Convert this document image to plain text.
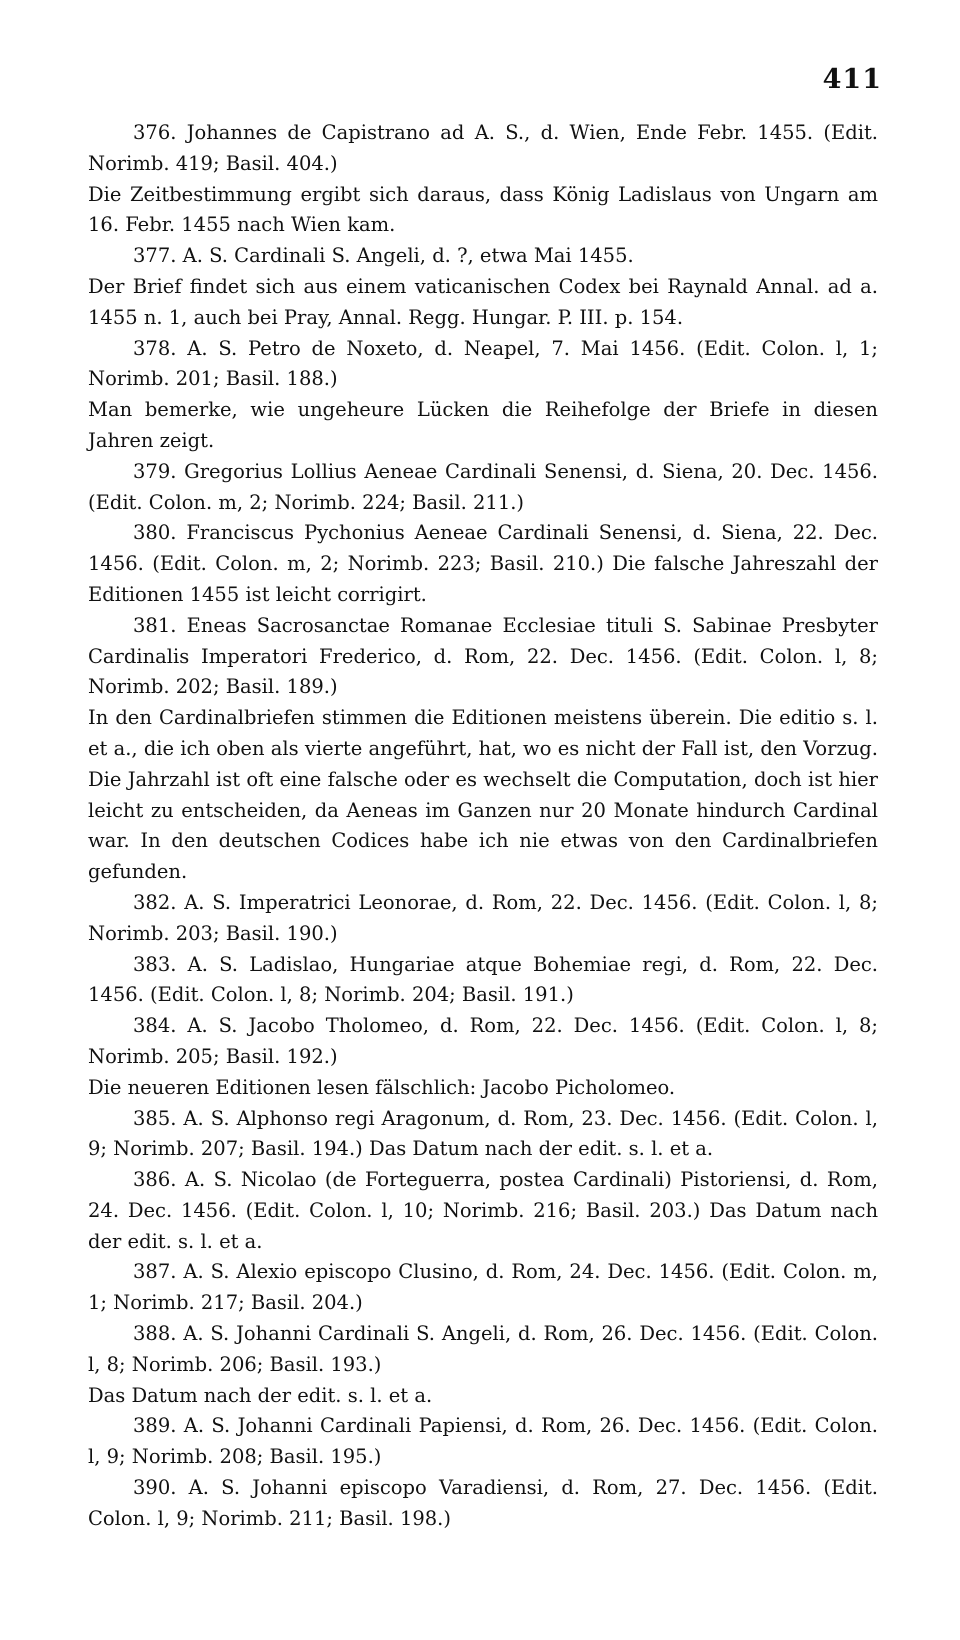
411

376. Johannes de Capistrano ad A. S., d. Wien, Ende Febr. 1455. (Edit. Norimb. 419; Basil. 404.)

Die Zeitbestimmung ergibt sich daraus, dass König Ladislaus von Ungarn am 16. Febr. 1455 nach Wien kam.

377. A. S. Cardinali S. Angeli, d. ?, etwa Mai 1455.

Der Brief findet sich aus einem vaticanischen Codex bei Raynald Annal. ad a. 1455 n. 1, auch bei Pray, Annal. Regg. Hungar. P. III. p. 154.

378. A. S. Petro de Noxeto, d. Neapel, 7. Mai 1456. (Edit. Colon. l, 1; Norimb. 201; Basil. 188.)

Man bemerke, wie ungeheure Lücken die Reihefolge der Briefe in diesen Jahren zeigt.

379. Gregorius Lollius Aeneae Cardinali Senensi, d. Siena, 20. Dec. 1456. (Edit. Colon. m, 2; Norimb. 224; Basil. 211.)

380. Franciscus Pychonius Aeneae Cardinali Senensi, d. Siena, 22. Dec. 1456. (Edit. Colon. m, 2; Norimb. 223; Basil. 210.) Die falsche Jahreszahl der Editionen 1455 ist leicht corrigirt.

381. Eneas Sacrosanctae Romanae Ecclesiae tituli S. Sabinae Presbyter Cardinalis Imperatori Frederico, d. Rom, 22. Dec. 1456. (Edit. Colon. l, 8; Norimb. 202; Basil. 189.)

In den Cardinalbriefen stimmen die Editionen meistens überein. Die editio s. l. et a., die ich oben als vierte angeführt, hat, wo es nicht der Fall ist, den Vorzug. Die Jahrzahl ist oft eine falsche oder es wechselt die Computation, doch ist hier leicht zu entscheiden, da Aeneas im Ganzen nur 20 Monate hindurch Cardinal war. In den deutschen Codices habe ich nie etwas von den Cardinalbriefen gefunden.

382. A. S. Imperatrici Leonorae, d. Rom, 22. Dec. 1456. (Edit. Colon. l, 8; Norimb. 203; Basil. 190.)

383. A. S. Ladislao, Hungariae atque Bohemiae regi, d. Rom, 22. Dec. 1456. (Edit. Colon. l, 8; Norimb. 204; Basil. 191.)

384. A. S. Jacobo Tholomeo, d. Rom, 22. Dec. 1456. (Edit. Colon. l, 8; Norimb. 205; Basil. 192.)

Die neueren Editionen lesen fälschlich: Jacobo Picholomeo.

385. A. S. Alphonso regi Aragonum, d. Rom, 23. Dec. 1456. (Edit. Colon. l, 9; Norimb. 207; Basil. 194.) Das Datum nach der edit. s. l. et a.

386. A. S. Nicolao (de Forteguerra, postea Cardinali) Pistoriensi, d. Rom, 24. Dec. 1456. (Edit. Colon. l, 10; Norimb. 216; Basil. 203.) Das Datum nach der edit. s. l. et a.

387. A. S. Alexio episcopo Clusino, d. Rom, 24. Dec. 1456. (Edit. Colon. m, 1; Norimb. 217; Basil. 204.)

388. A. S. Johanni Cardinali S. Angeli, d. Rom, 26. Dec. 1456. (Edit. Colon. l, 8; Norimb. 206; Basil. 193.)

Das Datum nach der edit. s. l. et a.

389. A. S. Johanni Cardinali Papiensi, d. Rom, 26. Dec. 1456. (Edit. Colon. l, 9; Norimb. 208; Basil. 195.)

390. A. S. Johanni episcopo Varadiensi, d. Rom, 27. Dec. 1456. (Edit. Colon. l, 9; Norimb. 211; Basil. 198.)
